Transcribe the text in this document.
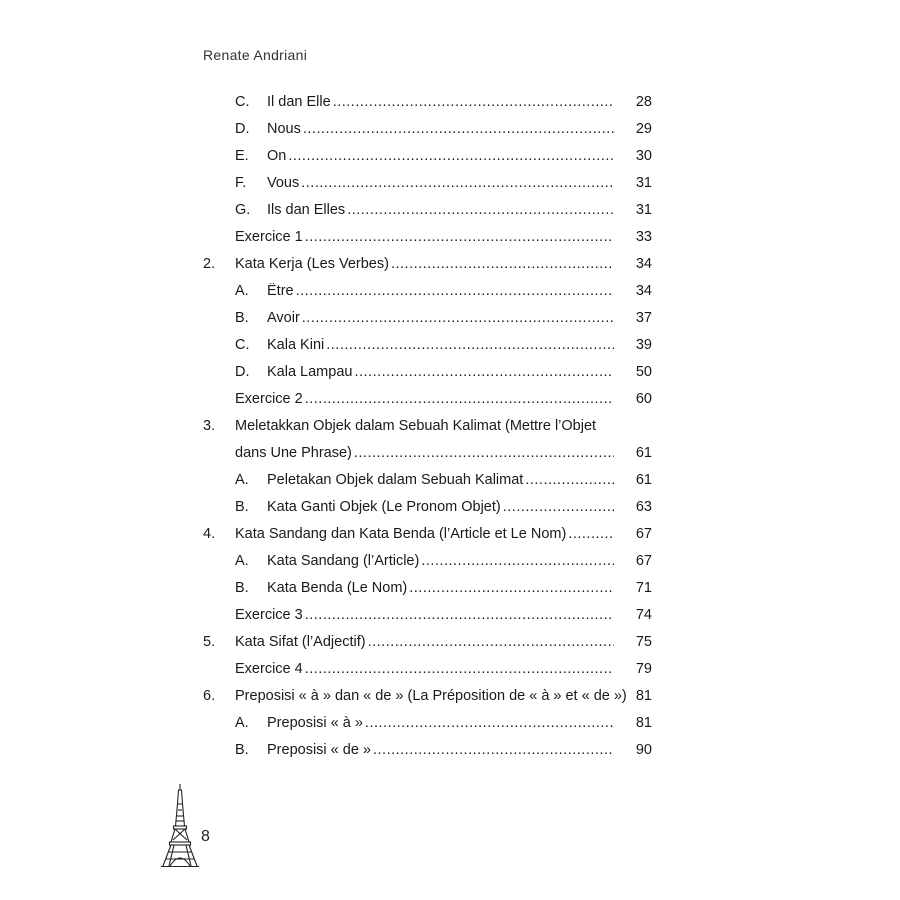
Renate Andriani
C. Il dan Elle .....	28
D. Nous .....	29
E. On .....	30
F. Vous .....	31
G. Ils dan Elles .....	31
Exercice 1 .....	33
2. Kata Kerja (Les Verbes) .....	34
A. Être .....	34
B. Avoir .....	37
C. Kala Kini .....	39
D. Kala Lampau .....	50
Exercice 2 .....	60
3. Meletakkan Objek dalam Sebuah Kalimat (Mettre l’Objet
dans Une Phrase) .....	61
A. Peletakan Objek dalam Sebuah Kalimat .....	61
B. Kata Ganti Objek (Le Pronom Objet) .....	63
4. Kata Sandang dan Kata Benda (l’Article et Le Nom) .....	67
A. Kata Sandang (l’Article) .....	67
B. Kata Benda (Le Nom) .....	71
Exercice 3 .....	74
5. Kata Sifat (l’Adjectif) .....	75
Exercice 4 .....	79
6. Preposisi « à » dan « de » (La Préposition de « à » et « de ») 81
A. Preposisi « à » .....	81
B. Preposisi « de » .....	90
8
